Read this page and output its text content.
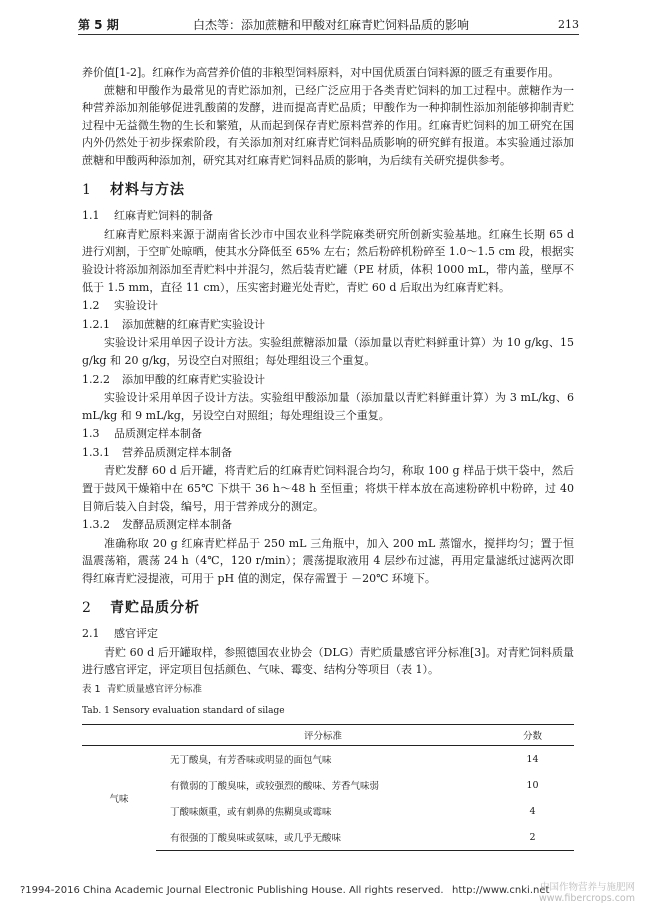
第 5 期	白杰等：添加蔗糖和甲酸对红麻青贮饲料品质的影响	213

养价值[1-2]。红麻作为高营养价值的非粮型饲料原料，对中国优质蛋白饲料源的匮乏有重要作用。

蔗糖和甲酸作为最常见的青贮添加剂，已经广泛应用于各类青贮饲料的加工过程中。蔗糖作为一种营养添加剂能够促进乳酸菌的发酵，进而提高青贮品质；甲酸作为一种抑制性添加剂能够抑制青贮过程中无益微生物的生长和繁殖，从而起到保存青贮原料营养的作用。红麻青贮饲料的加工研究在国内外仍然处于初步探索阶段，有关添加剂对红麻青贮饲料品质影响的研究鲜有报道。本实验通过添加蔗糖和甲酸两种添加剂，研究其对红麻青贮饲料品质的影响，为后续有关研究提供参考。

1 材料与方法
1.1 红麻青贮饲料的制备

红麻青贮原料来源于湖南省长沙市中国农业科学院麻类研究所创新实验基地。红麻生长期 65 d 进行刈割，于空旷处晾晒，使其水分降低至 65% 左右；然后粉碎机粉碎至 1.0～1.5 cm 段，根据实验设计将添加剂添加至青贮料中并混匀，然后装青贮罐（PE 材质，体积 1000 mL，带内盖，壁厚不低于 1.5 mm，直径 11 cm），压实密封避光处青贮，青贮 60 d 后取出为红麻青贮料。

1.2 实验设计
1.2.1 添加蔗糖的红麻青贮实验设计

实验设计采用单因子设计方法。实验组蔗糖添加量（添加量以青贮料鲜重计算）为 10 g/kg、15 g/kg 和 20 g/kg，另设空白对照组；每处理组设三个重复。

1.2.2 添加甲酸的红麻青贮实验设计

实验设计采用单因子设计方法。实验组甲酸添加量（添加量以青贮料鲜重计算）为 3 mL/kg、6 mL/kg 和 9 mL/kg，另设空白对照组；每处理组设三个重复。

1.3 品质测定样本制备
1.3.1 营养品质测定样本制备

青贮发酵 60 d 后开罐，将青贮后的红麻青贮饲料混合均匀，称取 100 g 样品于烘干袋中，然后置于鼓风干燥箱中在 65℃ 下烘干 36 h～48 h 至恒重；将烘干样本放在高速粉碎机中粉碎，过 40 目筛后装入自封袋，编号，用于营养成分的测定。

1.3.2 发酵品质测定样本制备

准确称取 20 g 红麻青贮样品于 250 mL 三角瓶中，加入 200 mL 蒸馏水，搅拌均匀；置于恒温震荡箱，震荡 24 h（4℃，120 r/min）；震荡提取液用 4 层纱布过滤，再用定量滤纸过滤两次即得红麻青贮浸提液，可用于 pH 值的测定，保存需置于 －20℃ 环境下。

2 青贮品质分析
2.1 感官评定

青贮 60 d 后开罐取样，参照德国农业协会（DLG）青贮质量感官评分标准[3]。对青贮饲料质量进行感官评定，评定项目包括颜色、气味、霉变、结构分等项目（表 1）。

表 1 青贮质量感官评分标准
Tab. 1 Sensory evaluation standard of silage
	评分标准	分数
气味	无丁酸臭，有芳香味或明显的面包气味	14
	有微弱的丁酸臭味，或较强烈的酸味、芳香气味弱	10
	丁酸味颇重，或有刺鼻的焦糊臭或霉味	4
	有很强的丁酸臭味或氨味，或几乎无酸味	2
?1994-2016 China Academic Journal Electronic Publishing House. All rights reserved. http://www.cnki.net
中国作物营养与施肥网
www.fibercrops.com
